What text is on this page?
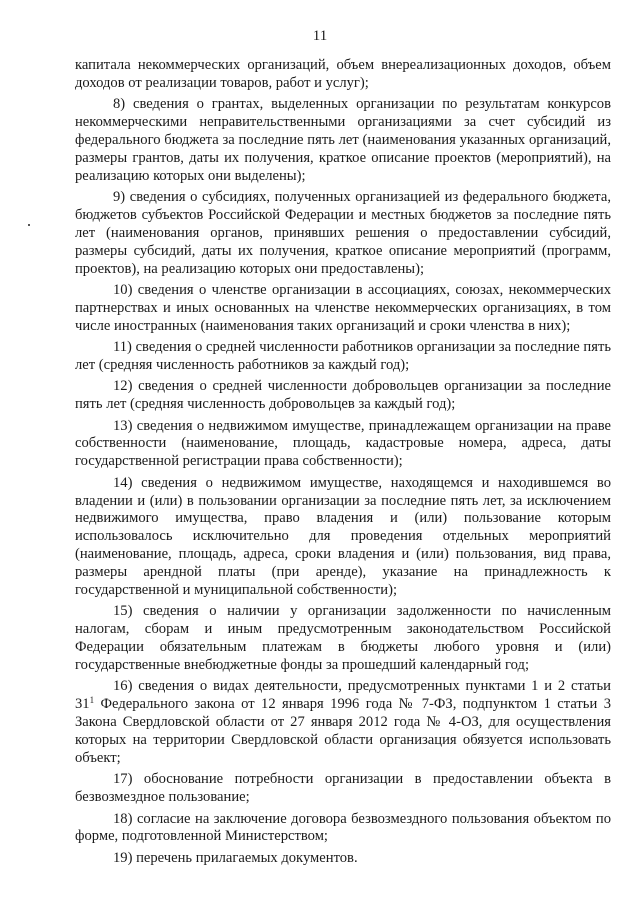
11

капитала некоммерческих организаций, объем внереализационных доходов, объем доходов от реализации товаров, работ и услуг);

8) сведения о грантах, выделенных организации по результатам конкурсов некоммерческими неправительственными организациями за счет субсидий из федерального бюджета за последние пять лет (наименования указанных организаций, размеры грантов, даты их получения, краткое описание проектов (мероприятий), на реализацию которых они выделены);

9) сведения о субсидиях, полученных организацией из федерального бюджета, бюджетов субъектов Российской Федерации и местных бюджетов за последние пять лет (наименования органов, принявших решения о предоставлении субсидий, размеры субсидий, даты их получения, краткое описание мероприятий (программ, проектов), на реализацию которых они предоставлены);

10) сведения о членстве организации в ассоциациях, союзах, некоммерческих партнерствах и иных основанных на членстве некоммерческих организациях, в том числе иностранных (наименования таких организаций и сроки членства в них);

11) сведения о средней численности работников организации за последние пять лет (средняя численность работников за каждый год);

12) сведения о средней численности добровольцев организации за последние пять лет (средняя численность добровольцев за каждый год);

13) сведения о недвижимом имуществе, принадлежащем организации на праве собственности (наименование, площадь, кадастровые номера, адреса, даты государственной регистрации права собственности);

14) сведения о недвижимом имуществе, находящемся и находившемся во владении и (или) в пользовании организации за последние пять лет, за исключением недвижимого имущества, право владения и (или) пользование которым использовалось исключительно для проведения отдельных мероприятий (наименование, площадь, адреса, сроки владения и (или) пользования, вид права, размеры арендной платы (при аренде), указание на принадлежность к государственной и муниципальной собственности);

15) сведения о наличии у организации задолженности по начисленным налогам, сборам и иным предусмотренным законодательством Российской Федерации обязательным платежам в бюджеты любого уровня и (или) государственные внебюджетные фонды за прошедший календарный год;

16) сведения о видах деятельности, предусмотренных пунктами 1 и 2 статьи $31^1$ Федерального закона от 12 января 1996 года № 7-ФЗ, подпунктом 1 статьи 3 Закона Свердловской области от 27 января 2012 года № 4-ОЗ, для осуществления которых на территории Свердловской области организация обязуется использовать объект;

17) обоснование потребности организации в предоставлении объекта в безвозмездное пользование;

18) согласие на заключение договора безвозмездного пользования объектом по форме, подготовленной Министерством;

19) перечень прилагаемых документов.
